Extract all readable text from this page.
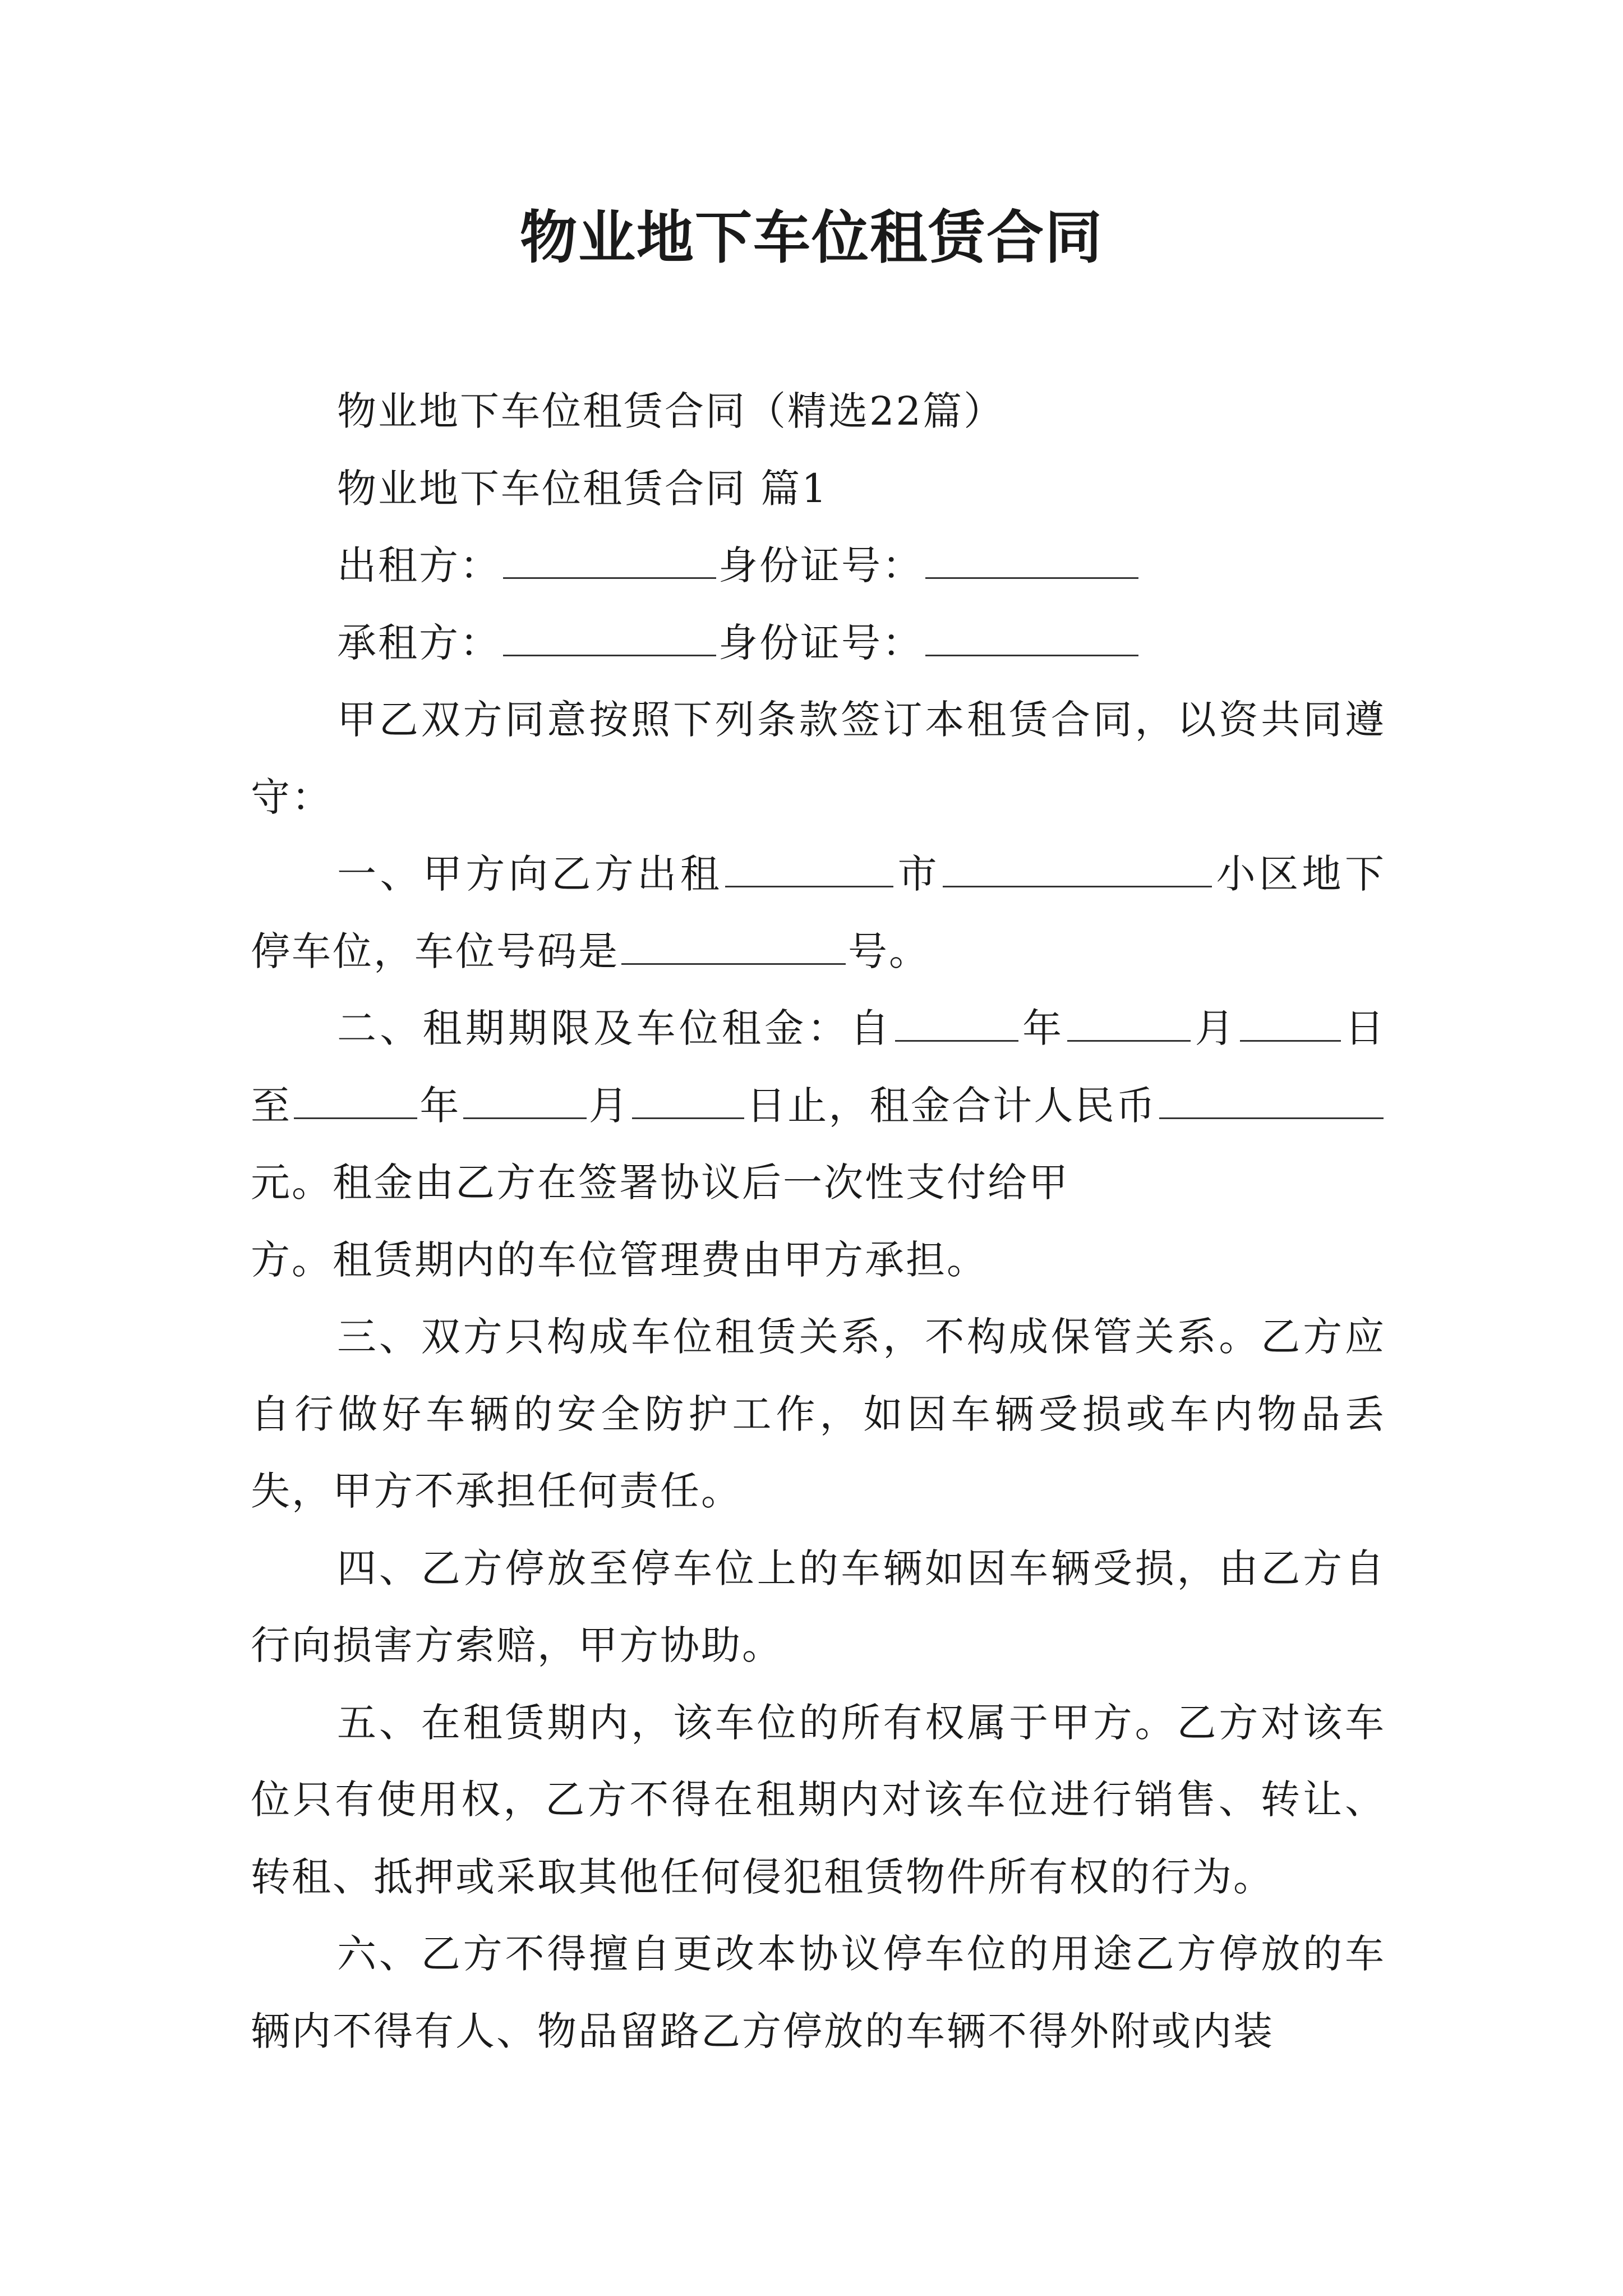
物业地下车位租赁合同

物业地下车位租赁合同（精选22篇）

物业地下车位租赁合同 篇1

出租方：	身份证号：

承租方：	身份证号：

甲乙双方同意按照下列条款签订本租赁合同，以资共同遵守：

一、甲方向乙方出租	市	小区地下停车位，车位号码是	号。

二、租期期限及车位租金：自	年	月	日至	年	月	日止，租金合计人民币元。租金由乙方在签署协议后一次性支付给甲

方。租赁期内的车位管理费由甲方承担。

三、双方只构成车位租赁关系，不构成保管关系。乙方应自行做好车辆的安全防护工作，如因车辆受损或车内物品丢失，甲方不承担任何责任。

四、乙方停放至停车位上的车辆如因车辆受损，由乙方自行向损害方索赔，甲方协助。

五、在租赁期内，该车位的所有权属于甲方。乙方对该车位只有使用权，乙方不得在租期内对该车位进行销售、转让、转租、抵押或采取其他任何侵犯租赁物件所有权的行为。

六、乙方不得擅自更改本协议停车位的用途乙方停放的车辆内不得有人、物品留路乙方停放的车辆不得外附或内装
